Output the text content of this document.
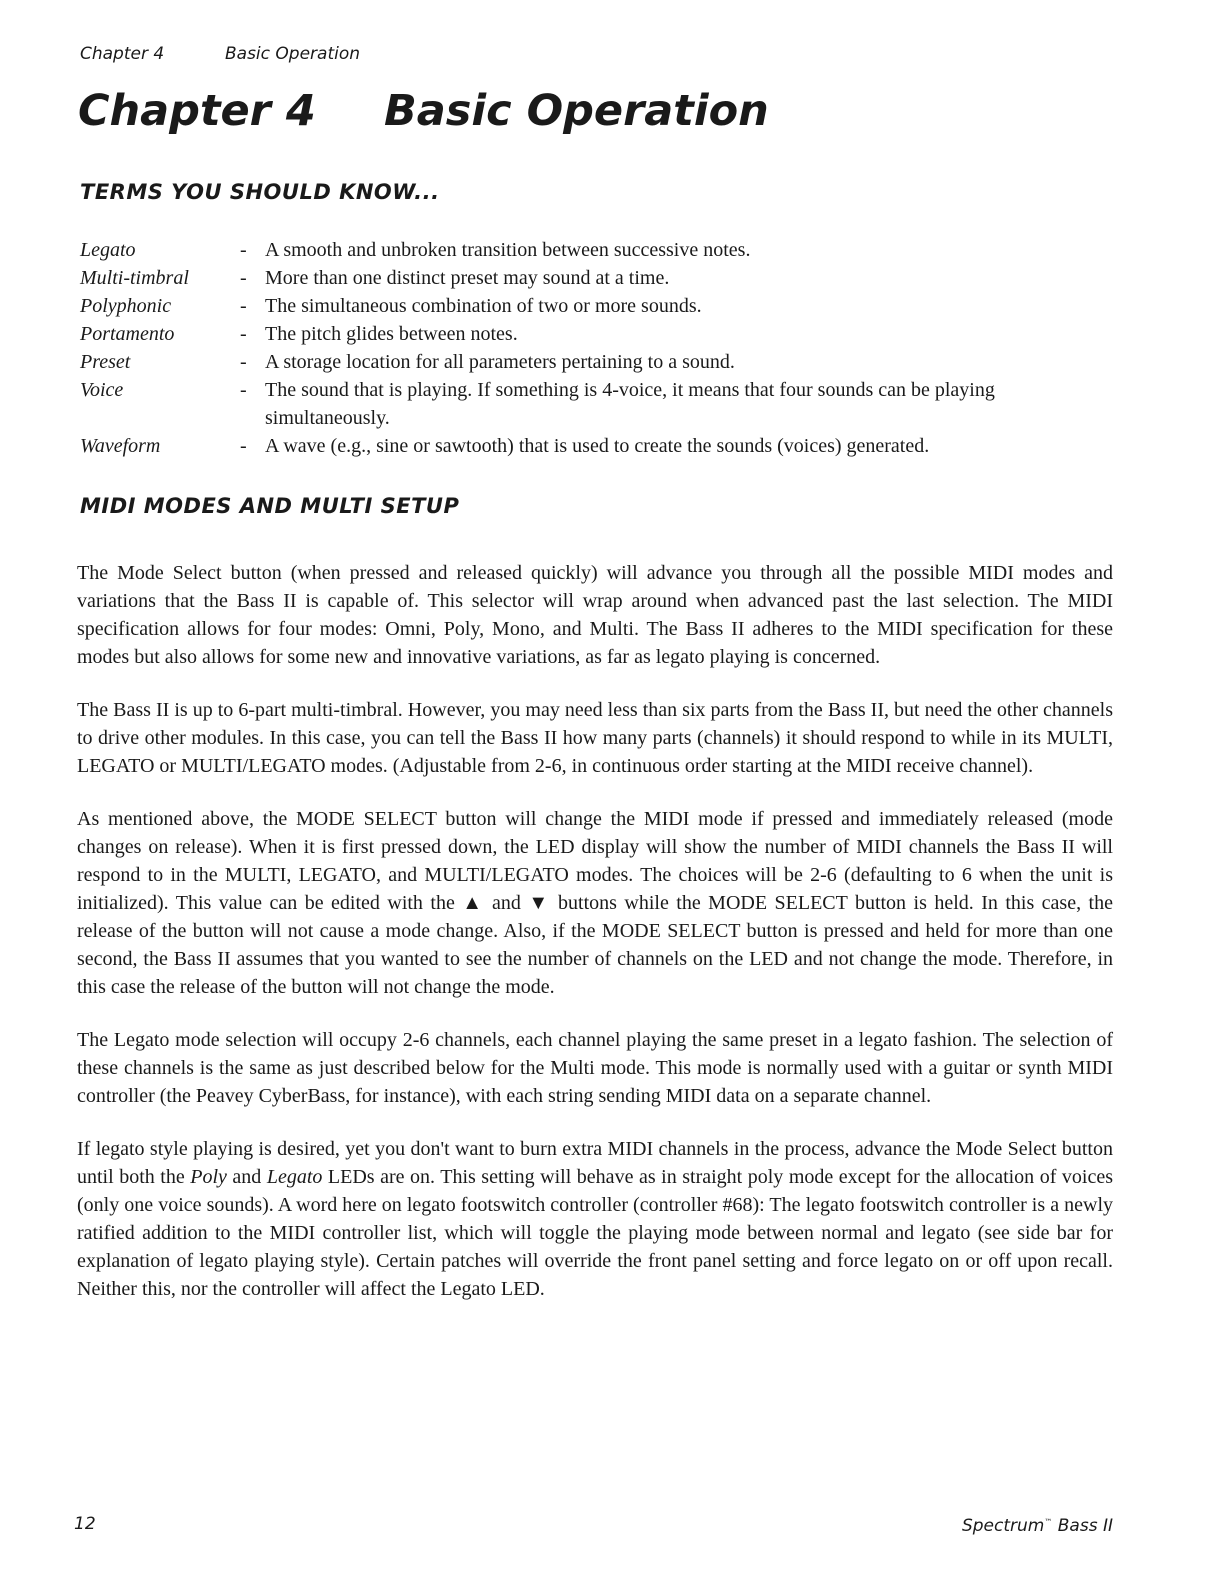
Chapter 4	Basic Operation
Chapter 4 Basic Operation
TERMS YOU SHOULD KNOW...
Legato	- A smooth and unbroken transition between successive notes.
Multi-timbral	- More than one distinct preset may sound at a time.
Polyphonic	- The simultaneous combination of two or more sounds.
Portamento	- The pitch glides between notes.
Preset	- A storage location for all parameters pertaining to a sound.
Voice	- The sound that is playing. If something is 4-voice, it means that four sounds can be playing simultaneously.
Waveform	- A wave (e.g., sine or sawtooth) that is used to create the sounds (voices) generated.
MIDI MODES AND MULTI SETUP

The Mode Select button (when pressed and released quickly) will advance you through all the possible MIDI modes and variations that the Bass II is capable of. This selector will wrap around when advanced past the last selection. The MIDI specification allows for four modes: Omni, Poly, Mono, and Multi. The Bass II adheres to the MIDI specification for these modes but also allows for some new and innovative variations, as far as legato playing is concerned.

The Bass II is up to 6-part multi-timbral. However, you may need less than six parts from the Bass II, but need the other channels to drive other modules. In this case, you can tell the Bass II how many parts (channels) it should respond to while in its MULTI, LEGATO or MULTI/LEGATO modes. (Adjustable from 2-6, in continuous order starting at the MIDI receive channel).

As mentioned above, the MODE SELECT button will change the MIDI mode if pressed and immediately released (mode changes on release). When it is first pressed down, the LED display will show the number of MIDI channels the Bass II will respond to in the MULTI, LEGATO, and MULTI/LEGATO modes. The choices will be 2-6 (defaulting to 6 when the unit is initialized). This value can be edited with the ▲ and ▼ buttons while the MODE SELECT button is held. In this case, the release of the button will not cause a mode change. Also, if the MODE SELECT button is pressed and held for more than one second, the Bass II assumes that you wanted to see the number of channels on the LED and not change the mode. Therefore, in this case the release of the button will not change the mode.

The Legato mode selection will occupy 2-6 channels, each channel playing the same preset in a legato fashion. The selection of these channels is the same as just described below for the Multi mode. This mode is normally used with a guitar or synth MIDI controller (the Peavey CyberBass, for instance), with each string sending MIDI data on a separate channel.

If legato style playing is desired, yet you don't want to burn extra MIDI channels in the process, advance the Mode Select button until both the Poly and Legato LEDs are on. This setting will behave as in straight poly mode except for the allocation of voices (only one voice sounds). A word here on legato footswitch controller (controller #68): The legato footswitch controller is a newly ratified addition to the MIDI controller list, which will toggle the playing mode between normal and legato (see side bar for explanation of legato playing style). Certain patches will override the front panel setting and force legato on or off upon recall. Neither this, nor the controller will affect the Legato LED.

12	Spectrum™ Bass II
